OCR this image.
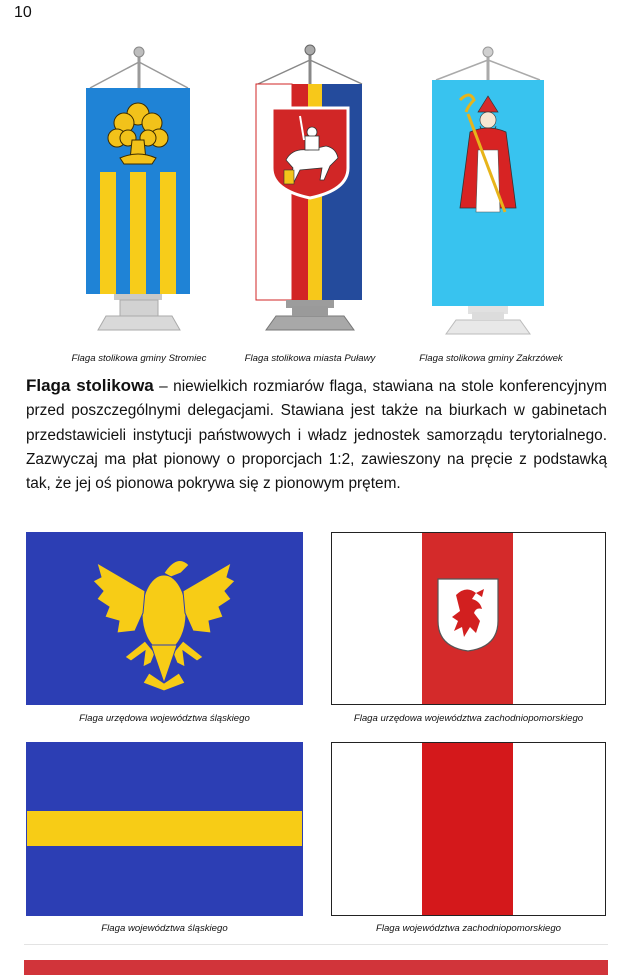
10
Flaga stolikowa gminy Stromiec	Flaga stolikowa miasta Puławy	Flaga stolikowa gminy Zakrzówek
Flaga stolikowa – niewielkich rozmiarów flaga, stawiana na stole konferencyjnym przed poszczególnymi delegacjami. Stawiana jest także na biurkach w gabinetach przedstawicieli instytucji państwowych i władz jednostek samorządu terytorialnego. Zazwyczaj ma płat pionowy o proporcjach 1:2, zawieszony na pręcie z podstawką tak, że jej oś pionowa pokrywa się z pionowym prętem.
Flaga urzędowa województwa śląskiego	Flaga urzędowa województwa zachodniopomorskiego
Flaga województwa śląskiego	Flaga województwa zachodniopomorskiego
